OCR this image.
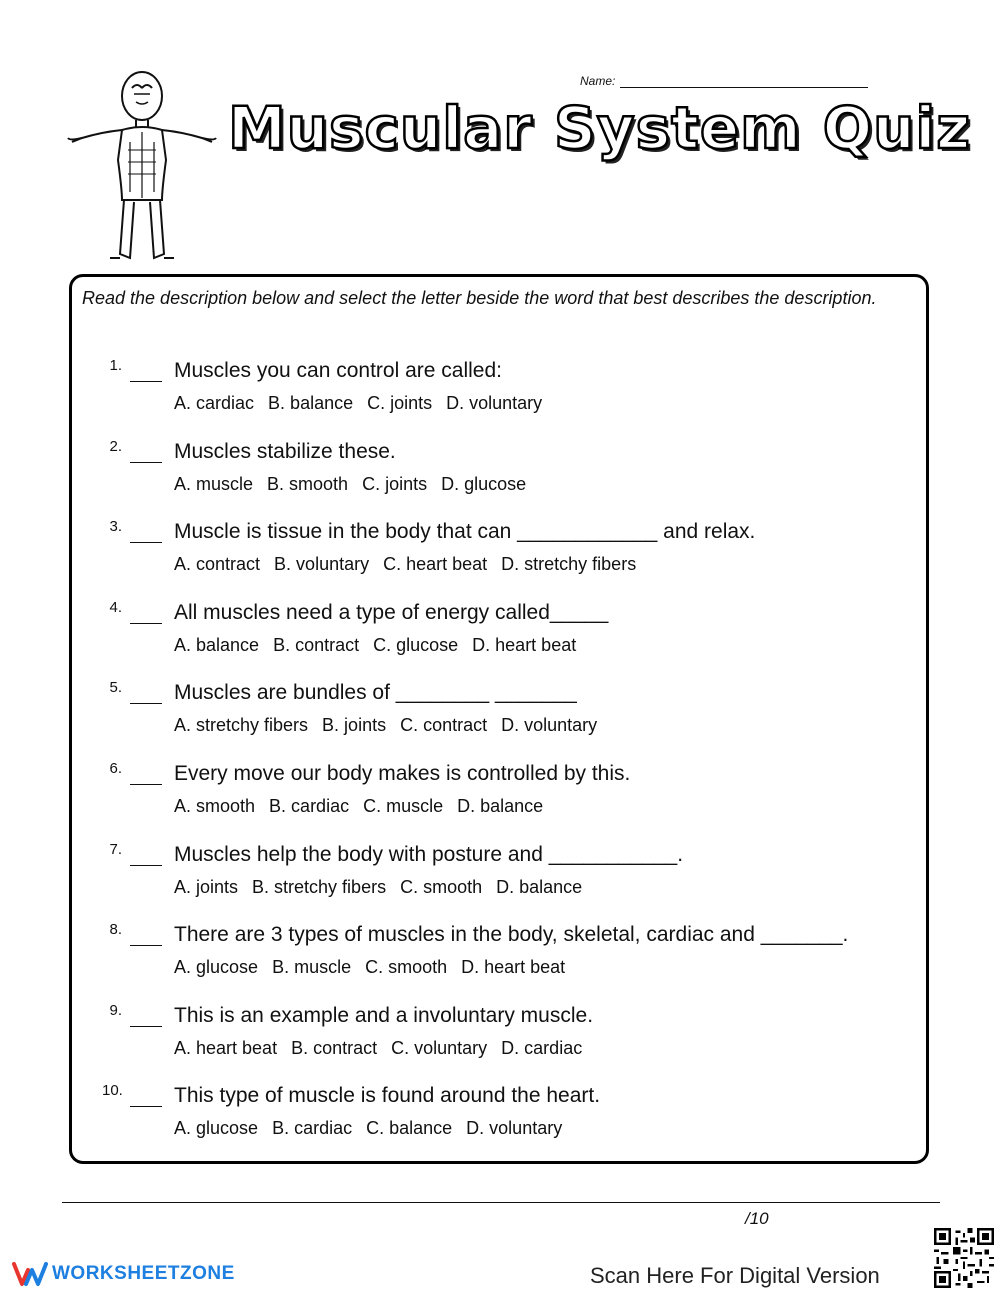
Name:
Muscular System Quiz
Read the description below and select the letter beside the word that best describes the description.
1. Muscles you can control are called:
A. cardiac B. balance C. joints D. voluntary
2. Muscles stabilize these.
A. muscle B. smooth C. joints D. glucose
3. Muscle is tissue in the body that can ____________ and relax.
A. contract B. voluntary C. heart beat D. stretchy fibers
4. All muscles need a type of energy called_____
A. balance B. contract C. glucose D. heart beat
5. Muscles are bundles of ________ _______
A. stretchy fibers B. joints C. contract D. voluntary
6. Every move our body makes is controlled by this.
A. smooth B. cardiac C. muscle D. balance
7. Muscles help the body with posture and ___________.
A. joints B. stretchy fibers C. smooth D. balance
8. There are 3 types of muscles in the body, skeletal, cardiac and _______.
A. glucose B. muscle C. smooth D. heart beat
9. This is an example and a involuntary muscle.
A. heart beat B. contract C. voluntary D. cardiac
10. This type of muscle is found around the heart.
A. glucose B. cardiac C. balance D. voluntary
/10
WORKSHEETZONE	Scan Here For Digital Version
